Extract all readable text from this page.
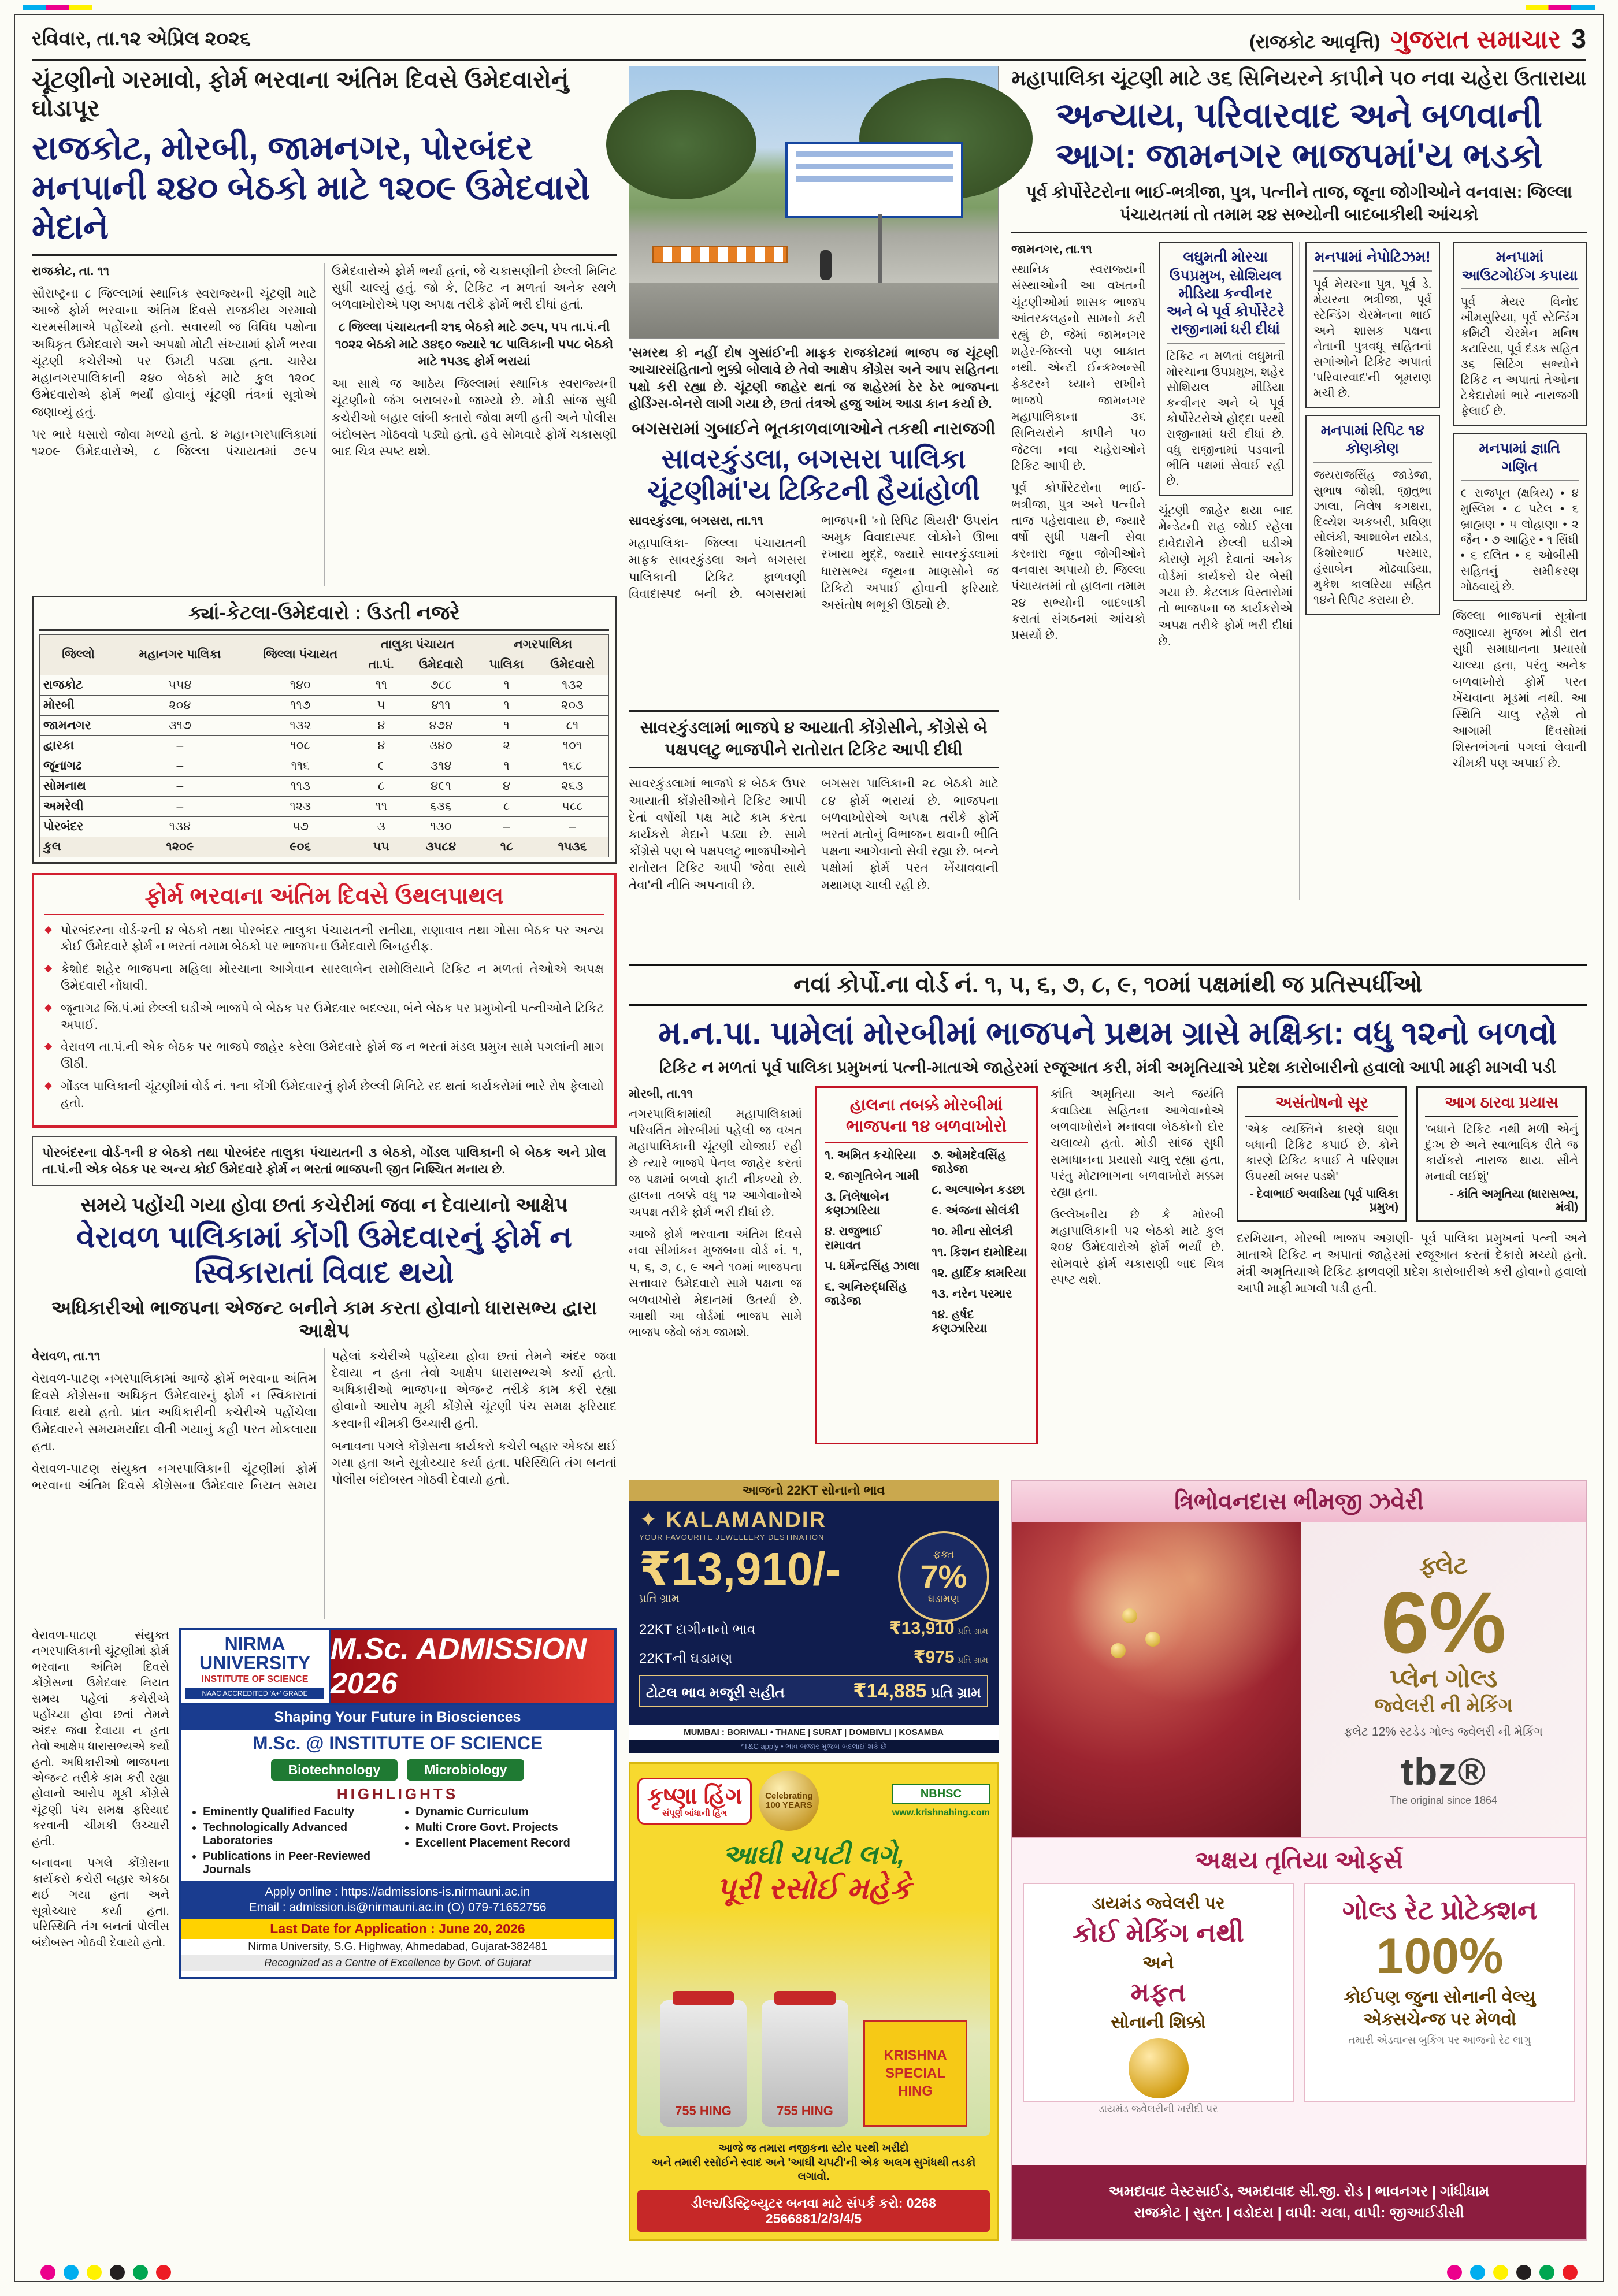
રવિવાર, તા.૧૨ એપ્રિલ ૨૦૨૬	(રાજકોટ આવૃત્તિ) ગુજરાત સમાચાર 3
ચૂંટણીનો ગરમાવો, ફોર્મ ભરવાના અંતિમ દિવસે ઉમેદવારોનું ઘોડાપૂર
રાજકોટ, મોરબી, જામનગર, પોરબંદર મનપાની ૨૪૦ બેઠકો માટે ૧૨૦૯ ઉમેદવારો મેદાને

રાજકોટ, તા. ૧૧

સૌરાષ્ટ્રના ૮ જિલ્લામાં સ્થાનિક સ્વરાજ્યની ચૂંટણી માટે આજે ફોર્મ ભરવાના અંતિમ દિવસે રાજકીય ગરમાવો ચરમસીમાએ પહોંચ્યો હતો. સવારથી જ વિવિધ પક્ષોના અધિકૃત ઉમેદવારો અને અપક્ષો મોટી સંખ્યામાં ફોર્મ ભરવા ચૂંટણી કચેરીઓ પર ઉમટી પડ્યા હતા. ચારેય મહાનગરપાલિકાની ૨૪૦ બેઠકો માટે કુલ ૧૨૦૯ ઉમેદવારોએ ફોર્મ ભર્યાં હોવાનું ચૂંટણી તંત્રનાં સૂત્રોએ જણાવ્યું હતું.

પર ભારે ધસારો જોવા મળ્યો હતો. ૪ મહાનગરપાલિકામાં ૧૨૦૯ ઉમેદવારોએ, ૮ જિલ્લા પંચાયતમાં ૭૯૫ ઉમેદવારોએ ફોર્મ ભર્યાં હતાં, જે ચકાસણીની છેલ્લી મિનિટ સુધી ચાલ્યું હતું. જો કે, ટિકિટ ન મળતાં અનેક સ્થળે બળવાખોરોએ પણ અપક્ષ તરીકે ફોર્મ ભરી દીધાં હતાં.

૮ જિલ્લા પંચાયતની ૨૧૬ બેઠકો માટે ૭૯૫, ૫૫ તા.પં.ની ૧૦૨૨ બેઠકો માટે ૩૪૬૦ જ્યારે ૧૮ પાલિકાની ૫૫૮ બેઠકો માટે ૧૫૩૬ ફોર્મ ભરાયાં

આ સાથે જ આઠેય જિલ્લામાં સ્થાનિક સ્વરાજ્યની ચૂંટણીનો જંગ બરાબરનો જામ્યો છે. મોડી સાંજ સુધી કચેરીઓ બહાર લાંબી કતારો જોવા મળી હતી અને પોલીસ બંદોબસ્ત ગોઠવવો પડ્યો હતો. હવે સોમવારે ફોર્મ ચકાસણી બાદ ચિત્ર સ્પષ્ટ થશે.

ક્યાં-કેટલા-ઉમેદવારો : ઉડતી નજરે
જિલ્લો	મહાનગર પાલિકા	જિલ્લા પંચાયત	તાલુકા પંચાયત		નગરપાલિકા	
			તા.પં.	ઉમેદવારો	પાલિકા	ઉમેદવારો
રાજકોટ	૫૫૪	૧૪૦	૧૧	૭૮૮	૧	૧૩૨
મોરબી	૨૦૪	૧૧૭	૫	૪૧૧	૧	૨૦૩
જામનગર	૩૧૭	૧૩૨	૪	૪૭૪	૧	૮૧
દ્વારકા	–	૧૦૮	૪	૩૪૦	૨	૧૦૧
જૂનાગઢ	–	૧૧૬	૯	૩૧૪	૧	૧૬૮
સોમનાથ	–	૧૧૩	૮	૪૯૧	૪	૨૬૩
અમરેલી	–	૧૨૩	૧૧	૬૩૬	૮	૫૮૮
પોરબંદર	૧૩૪	૫૭	૩	૧૩૦	–	–
કુલ	૧૨૦૯	૯૦૬	૫૫	૩૫૮૪	૧૮	૧૫૩૬
ફોર્મ ભરવાના અંતિમ દિવસે ઉથલપાથલ
◆ પોરબંદરના વોર્ડ-૨ની ૪ બેઠકો તથા પોરબંદર તાલુકા પંચાયતની રાતીયા, રાણાવાવ તથા ગોસા બેઠક પર અન્ય કોઈ ઉમેદવારે ફોર્મ ન ભરતાં તમામ બેઠકો પર ભાજપના ઉમેદવારો બિનહરીફ.
◆ કેશોદ શહેર ભાજપના મહિલા મોરચાના આગેવાન સારલાબેન રામોલિયાને ટિકિટ ન મળતાં તેઓએ અપક્ષ ઉમેદવારી નોંધાવી.
◆ જૂનાગઢ જિ.પં.માં છેલ્લી ઘડીએ ભાજપે બે બેઠક પર ઉમેદવાર બદલ્યા, બંને બેઠક પર પ્રમુખોની પત્નીઓને ટિકિટ અપાઈ.
◆ વેરાવળ તા.પં.ની એક બેઠક પર ભાજપે જાહેર કરેલા ઉમેદવારે ફોર્મ જ ન ભરતાં મંડલ પ્રમુખ સામે પગલાંની માગ ઊઠી.
◆ ગોંડલ પાલિકાની ચૂંટણીમાં વોર્ડ નં. ૧ના કોંગી ઉમેદવારનું ફોર્મ છેલ્લી મિનિટે રદ થતાં કાર્યકરોમાં ભારે રોષ ફેલાયો હતો.
પોરબંદરના વોર્ડ-૧ની ૪ બેઠકો તથા પોરબંદર તાલુકા પંચાયતની ૩ બેઠકો, ગોંડલ પાલિકાની બે બેઠક અને પ્રોલ તા.પં.ની એક બેઠક પર અન્ય કોઈ ઉમેદવારે ફોર્મ ન ભરતાં ભાજપની જીત નિશ્ચિત મનાય છે.
સમયે પહોંચી ગયા હોવા છતાં કચેરીમાં જવા ન દેવાયાનો આક્ષેપ
વેરાવળ પાલિકામાં કોંગી ઉમેદવારનું ફોર્મ ન સ્વિકારાતાં વિવાદ થયો
અધિકારીઓ ભાજપના એજન્ટ બનીને કામ કરતા હોવાનો ધારાસભ્ય દ્વારા આક્ષેપ

વેરાવળ, તા.૧૧

વેરાવળ-પાટણ નગરપાલિકામાં આજે ફોર્મ ભરવાના અંતિમ દિવસે કોંગ્રેસના અધિકૃત ઉમેદવારનું ફોર્મ ન સ્વિકારાતાં વિવાદ થયો હતો. પ્રાંત અધિકારીની કચેરીએ પહોંચેલા ઉમેદવારને સમયમર્યાદા વીતી ગયાનું કહી પરત મોકલાયા હતા.

વેરાવળ-પાટણ સંયુક્ત નગરપાલિકાની ચૂંટણીમાં ફોર્મ ભરવાના અંતિમ દિવસે કોંગ્રેસના ઉમેદવાર નિયત સમય પહેલાં કચેરીએ પહોંચ્યા હોવા છતાં તેમને અંદર જવા દેવાયા ન હતા તેવો આક્ષેપ ધારાસભ્યએ કર્યો હતો. અધિકારીઓ ભાજપના એજન્ટ તરીકે કામ કરી રહ્યા હોવાનો આરોપ મૂકી કોંગ્રેસે ચૂંટણી પંચ સમક્ષ ફરિયાદ કરવાની ચીમકી ઉચ્ચારી હતી.

બનાવના પગલે કોંગ્રેસના કાર્યકરો કચેરી બહાર એકઠા થઈ ગયા હતા અને સૂત્રોચ્ચાર કર્યા હતા. પરિસ્થિતિ તંગ બનતાં પોલીસ બંદોબસ્ત ગોઠવી દેવાયો હતો.

વેરાવળ-પાટણ સંયુક્ત નગરપાલિકાની ચૂંટણીમાં ફોર્મ ભરવાના અંતિમ દિવસે કોંગ્રેસના ઉમેદવાર નિયત સમય પહેલાં કચેરીએ પહોંચ્યા હોવા છતાં તેમને અંદર જવા દેવાયા ન હતા તેવો આક્ષેપ ધારાસભ્યએ કર્યો હતો. અધિકારીઓ ભાજપના એજન્ટ તરીકે કામ કરી રહ્યા હોવાનો આરોપ મૂકી કોંગ્રેસે ચૂંટણી પંચ સમક્ષ ફરિયાદ કરવાની ચીમકી ઉચ્ચારી હતી.

બનાવના પગલે કોંગ્રેસના કાર્યકરો કચેરી બહાર એકઠા થઈ ગયા હતા અને સૂત્રોચ્ચાર કર્યા હતા. પરિસ્થિતિ તંગ બનતાં પોલીસ બંદોબસ્ત ગોઠવી દેવાયો હતો.

NIRMA UNIVERSITY
INSTITUTE OF SCIENCE
NAAC ACCREDITED 'A+' GRADE
M.Sc. ADMISSION 2026
Shaping Your Future in Biosciences
M.Sc. @ INSTITUTE OF SCIENCE
Biotechnology	Microbiology
HIGHLIGHTS
• Eminently Qualified Faculty
• Technologically Advanced Laboratories
• Publications in Peer-Reviewed Journals
• Dynamic Curriculum
• Multi Crore Govt. Projects
• Excellent Placement Record
Apply online : https://admissions-is.nirmauni.ac.in
Email : admission.is@nirmauni.ac.in (O) 079-71652756
Last Date for Application : June 20, 2026
Nirma University, S.G. Highway, Ahmedabad, Gujarat-382481
Recognized as a Centre of Excellence by Govt. of Gujarat
'સમરથ કો નહીં દોષ ગુસાંઈ'ની માફક રાજકોટમાં ભાજપ જ ચૂંટણી આચારસંહિતાનો ભુક્કો બોલાવે છે તેવો આક્ષેપ કોંગ્રેસ અને આપ સહિતના પક્ષો કરી રહ્યા છે. ચૂંટણી જાહેર થતાં જ શહેરમાં ઠેર ઠેર ભાજપના હોર્ડિંગ્સ-બેનરો લાગી ગયા છે, છતાં તંત્રએ હજુ આંખ આડા કાન કર્યા છે.
બગસરામાં ગુબાઈને ભૂતકાળવાળાઓને તકથી નારાજગી
સાવરકુંડલા, બગસરા પાલિકા ચૂંટણીમાં'ય ટિકિટની હૈયાંહોળી

સાવરકુંડલા, બગસરા, તા.૧૧

મહાપાલિકા- જિલ્લા પંચાયતની માફક સાવરકુંડલા અને બગસરા પાલિકાની ટિકિટ ફાળવણી વિવાદાસ્પદ બની છે. બગસરામાં ભાજપની 'નો રિપિટ થિયરી' ઉપરાંત અમુક વિવાદાસ્પદ લોકોને ઊભા રખાયા મુદ્દે, જ્યારે સાવરકુંડલામાં ધારાસભ્ય જૂથના માણસોને જ ટિકિટો અપાઈ હોવાની ફરિયાદે અસંતોષ ભભૂકી ઊઠ્યો છે.

સાવરકુંડલામાં ભાજપે ૪ આયાતી કોંગ્રેસીને, કોંગ્રેસે બે પક્ષપલટુ ભાજપીને રાતોરાત ટિકિટ આપી દીધી

સાવરકુંડલામાં ભાજપે ૪ બેઠક ઉપર આયાતી કોંગ્રેસીઓને ટિકિટ આપી દેતાં વર્ષોથી પક્ષ માટે કામ કરતા કાર્યકરો મેદાને પડ્યા છે. સામે કોંગ્રેસે પણ બે પક્ષપલટુ ભાજપીઓને રાતોરાત ટિકિટ આપી 'જેવા સાથે તેવા'ની નીતિ અપનાવી છે.

બગસરા પાલિકાની ૨૮ બેઠકો માટે ૮૪ ફોર્મ ભરાયાં છે. ભાજપના બળવાખોરોએ અપક્ષ તરીકે ફોર્મ ભરતાં મતોનું વિભાજન થવાની ભીતિ પક્ષના આગેવાનો સેવી રહ્યા છે. બન્ને પક્ષોમાં ફોર્મ પરત ખેંચાવવાની મથામણ ચાલી રહી છે.

મહાપાલિકા ચૂંટણી માટે ૩૬ સિનિયરને કાપીને ૫૦ નવા ચહેરા ઉતારાયા
અન્યાય, પરિવારવાદ અને બળવાની આગ: જામનગર ભાજપમાં'ય ભડકો
પૂર્વ કોર્પોરેટરોના ભાઈ-ભત્રીજા, પુત્ર, પત્નીને તાજ, જૂના જોગીઓને વનવાસ: જિલ્લા પંચાયતમાં તો તમામ ૨૪ સભ્યોની બાદબાકીથી આંચકો
જામનગર, તા.૧૧

સ્થાનિક સ્વરાજ્યની સંસ્થાઓની આ વખતની ચૂંટણીઓમાં શાસક ભાજપ આંતરકલહનો સામનો કરી રહ્યું છે, જેમાં જામનગર શહેર-જિલ્લો પણ બાકાત નથી. એન્ટી ઈન્કમ્બન્સી ફેક્ટરને ધ્યાને રાખીને ભાજપે જામનગર મહાપાલિકાના ૩૬ સિનિયરોને કાપીને ૫૦ જેટલા નવા ચહેરાઓને ટિકિટ આપી છે.

પૂર્વ કોર્પોરેટરોના ભાઈ-ભત્રીજા, પુત્ર અને પત્નીને તાજ પહેરાવાયા છે, જ્યારે વર્ષો સુધી પક્ષની સેવા કરનારા જૂના જોગીઓને વનવાસ અપાયો છે. જિલ્લા પંચાયતમાં તો હાલના તમામ ૨૪ સભ્યોની બાદબાકી કરાતાં સંગઠનમાં આંચકો પ્રસર્યો છે.

લઘુમતી મોરચા ઉપપ્રમુખ, સોશિયલ મીડિયા કન્વીનર અને બે પૂર્વ કોર્પોરેટરે રાજીનામાં ધરી દીધાં
ટિકિટ ન મળતાં લઘુમતી મોરચાના ઉપપ્રમુખ, શહેર સોશિયલ મીડિયા કન્વીનર અને બે પૂર્વ કોર્પોરેટરોએ હોદ્દા પરથી રાજીનામાં ધરી દીધાં છે. વધુ રાજીનામાં પડવાની ભીતિ પક્ષમાં સેવાઈ રહી છે.

ચૂંટણી જાહેર થયા બાદ મેન્ડેટની રાહ જોઈ રહેલા દાવેદારોને છેલ્લી ઘડીએ કોરાણે મૂકી દેવાતાં અનેક વોર્ડમાં કાર્યકરો ઘેર બેસી ગયા છે. કેટલાક વિસ્તારોમાં તો ભાજપના જ કાર્યકરોએ અપક્ષ તરીકે ફોર્મ ભરી દીધાં છે.

મનપામાં નેપોટિઝમ!
પૂર્વ મેયરના પુત્ર, પૂર્વ ડે. મેયરના ભત્રીજા, પૂર્વ સ્ટેન્ડિંગ ચેરમેનના ભાઈ અને શાસક પક્ષના નેતાની પુત્રવધૂ સહિતનાં સગાંઓને ટિકિટ અપાતાં 'પરિવારવાદ'ની બૂમરાણ મચી છે.
મનપામાં રિપિટ ૧૪ કોણકોણ
જયરાજસિંહ જાડેજા, સુભાષ જોશી, જીતુભા ઝાલા, નિલેષ કગથરા, દિવ્યેશ અકબરી, પ્રવિણા સોલંકી, આશાબેન રાઠોડ, કિશોરભાઈ પરમાર, હંસાબેન મોઢવાડિયા, મુકેશ કાલરિયા સહિત ૧૪ને રિપિટ કરાયા છે.
મનપામાં આઉટગોઈંગ કપાયા
પૂર્વ મેયર વિનોદ ખીમસુરિયા, પૂર્વ સ્ટેન્ડિંગ કમિટી ચેરમેન મનિષ કટારિયા, પૂર્વ દંડક સહિત ૩૬ સિટિંગ સભ્યોને ટિકિટ ન અપાતાં તેઓના ટેકેદારોમાં ભારે નારાજગી ફેલાઈ છે.
મનપામાં જ્ઞાતિ ગણિત
૯ રાજપૂત (ક્ષત્રિય) • ૪ મુસ્લિમ • ૮ પટેલ • ૬ બ્રાહ્મણ • ૫ લોહાણા • ૨ જૈન • ૭ આહિર • ૧ સિંધી • ૬ દલિત • ૬ ઓબીસી સહિતનું સમીકરણ ગોઠવાયું છે.

જિલ્લા ભાજપનાં સૂત્રોના જણાવ્યા મુજબ મોડી રાત સુધી સમાધાનના પ્રયાસો ચાલ્યા હતા, પરંતુ અનેક બળવાખોરો ફોર્મ પરત ખેંચવાના મૂડમાં નથી. આ સ્થિતિ ચાલુ રહેશે તો આગામી દિવસોમાં શિસ્તભંગનાં પગલાં લેવાની ચીમકી પણ અપાઈ છે.

નવાં કોર્પો.ના વોર્ડ નં. ૧, ૫, ૬, ૭, ૮, ૯, ૧૦માં પક્ષમાંથી જ પ્રતિસ્પર્ધીઓ
મ.ન.પા. પામેલાં મોરબીમાં ભાજપને પ્રથમ ગ્રાસે મક્ષિકા: વધુ ૧૨નો બળવો
ટિકિટ ન મળતાં પૂર્વ પાલિકા પ્રમુખનાં પત્ની-માતાએ જાહેરમાં રજૂઆત કરી, મંત્રી અમૃતિયાએ પ્રદેશ કારોબારીનો હવાલો આપી માફી માગવી પડી
મોરબી, તા.૧૧

નગરપાલિકામાંથી મહાપાલિકામાં પરિવર્તિત મોરબીમાં પહેલી જ વખત મહાપાલિકાની ચૂંટણી યોજાઈ રહી છે ત્યારે ભાજપે પેનલ જાહેર કરતાં જ પક્ષમાં બળવો ફાટી નીકળ્યો છે. હાલના તબક્કે વધુ ૧૨ આગેવાનોએ અપક્ષ તરીકે ફોર્મ ભરી દીધાં છે.

આજે ફોર્મ ભરવાના અંતિમ દિવસે નવા સીમાંકન મુજબના વોર્ડ નં. ૧, ૫, ૬, ૭, ૮, ૯ અને ૧૦માં ભાજપના સત્તાવાર ઉમેદવારો સામે પક્ષના જ બળવાખોરો મેદાનમાં ઉતર્યા છે. આથી આ વોર્ડમાં ભાજપ સામે ભાજપ જેવો જંગ જામશે.

હાલના તબક્કે મોરબીમાં ભાજપના ૧૪ બળવાખોરો
૧. અમિત કચોરિયા
૨. જાગૃતિબેન ગામી
૩. નિલેષાબેન કણઝારિયા
૪. રાજુભાઈ રામાવત
૫. ધર્મેન્દ્રસિંહ ઝાલા
૬. અનિરુદ્ધસિંહ જાડેજા
૭. ઓમદેવસિંહ જાડેજા
૮. અલ્પાબેન કડછા
૯. અંજના સોલંકી
૧૦. મીના સોલંકી
૧૧. કિશન દામોદિયા
૧૨. હાર્દિક કામરિયા
૧૩. નરેન પરમાર
૧૪. હર્ષદ કણઝારિયા

કાંતિ અમૃતિયા અને જયંતિ કવાડિયા સહિતના આગેવાનોએ બળવાખોરોને મનાવવા બેઠકોનો દોર ચલાવ્યો હતો. મોડી સાંજ સુધી સમાધાનના પ્રયાસો ચાલુ રહ્યા હતા, પરંતુ મોટાભાગના બળવાખોરો મક્કમ રહ્યા હતા.

ઉલ્લેખનીય છે કે મોરબી મહાપાલિકાની ૫૨ બેઠકો માટે કુલ ૨૦૪ ઉમેદવારોએ ફોર્મ ભર્યાં છે. સોમવારે ફોર્મ ચકાસણી બાદ ચિત્ર સ્પષ્ટ થશે.

અસંતોષનો સૂર
'એક વ્યક્તિને કારણે ઘણા બધાની ટિકિટ કપાઈ છે. કોને કારણે ટિકિટ કપાઈ તે પરિણામ ઉપરથી ખબર પડશે'
- દેવાભાઈ અવાડિયા (પૂર્વ પાલિકા પ્રમુખ)
આગ ઠારવા પ્રયાસ
'બધાને ટિકિટ નથી મળી એનું દુઃખ છે અને સ્વાભાવિક રીતે જ કાર્યકરો નારાજ થાય. સૌને મનાવી લઈશું'
- કાંતિ અમૃતિયા (ધારાસભ્ય, મંત્રી)

દરમિયાન, મોરબી ભાજપ અગ્રણી- પૂર્વ પાલિકા પ્રમુખનાં પત્ની અને માતાએ ટિકિટ ન અપાતાં જાહેરમાં રજૂઆત કરતાં દેકારો મચ્યો હતો. મંત્રી અમૃતિયાએ ટિકિટ ફાળવણી પ્રદેશ કારોબારીએ કરી હોવાનો હવાલો આપી માફી માગવી પડી હતી.

આજનો 22KT સોનાનો ભાવ
✦ KALAMANDIR
YOUR FAVOURITE JEWELLERY DESTINATION
₹13,910/-
પ્રતિ ગ્રામ
ફક્ત
7%
ઘડામણ
22KT દાગીનાનો ભાવ	₹13,910 પ્રતિ ગ્રામ
22KTની ઘડામણ	₹975 પ્રતિ ગ્રામ
ટોટલ ભાવ મજૂરી સહીત	₹14,885 પ્રતિ ગ્રામ
MUMBAI : BORIVALI • THANE | SURAT | DOMBIVLI | KOSAMBA
*T&C apply • ભાવ બજાર મુજબ બદલાઈ શકે છે
કૃષ્ણા હિંગ
સંપૂર્ણ બાંધાની હિંગ
Celebrating 100 YEARS
NBHSC
www.krishnahing.com
આઘી ચપટી લગે,
પૂરી રસોઈ મહેકે
755 HING	755 HING
KRISHNA SPECIAL HING
આજે જ તમારા નજીકના સ્ટોર પરથી ખરીદો
અને તમારી રસોઈને સ્વાદ અને 'આઘી ચપટી'ની એક અલગ સુગંધથી તડકો લગાવો.
ડીલર/ડિસ્ટ્રિબ્યુટર બનવા માટે સંપર્ક કરો: 0268 2566881/2/3/4/5
ત્રિભોવનદાસ ભીમજી ઝવેરી
ફ્લેટ
6%
પ્લેન ગોલ્ડ
જ્વેલરી ની મેકિંગ
ફ્લેટ 12% સ્ટડેડ ગોલ્ડ જ્વેલરી ની મેકિંગ
tbz®
The original since 1864
અક્ષય તૃતિયા ઓફર્સ
ડાયમંડ જ્વેલરી પર
કોઈ મેકિંગ નથી
અને
મફત
સોનાની શિક્કો
ડાયમંડ જ્વેલરીની ખરીદી પર
ગોલ્ડ રેટ પ્રોટેક્શન
100%
કોઈપણ જુના સોનાની વેલ્યુ એક્સચેન્જ પર મેળવો
તમારી એડવાન્સ બુકિંગ પર આજનો રેટ લાગુ
અમદાવાદ વેસ્ટસાઈડ, અમદાવાદ સી.જી. રોડ | ભાવનગર | ગાંધીધામ
રાજકોટ | સુરત | વડોદરા | વાપી: ચલા, વાપી: જીઆઈડીસી
